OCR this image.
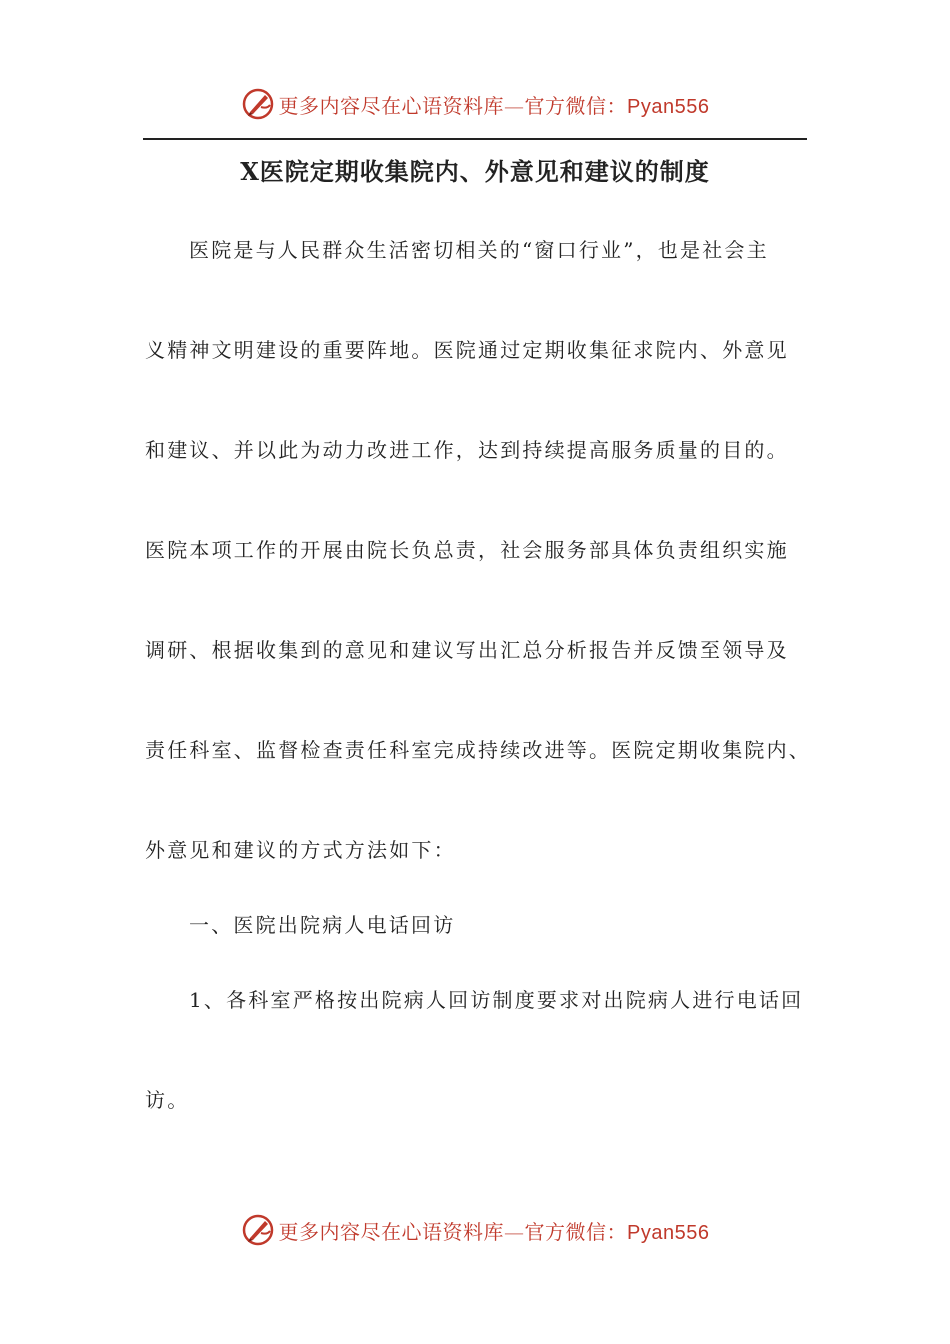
更多内容尽在心语资料库—官方微信：Pyan556
X医院定期收集院内、外意见和建议的制度
医院是与人民群众生活密切相关的“窗口行业”，也是社会主
义精神文明建设的重要阵地。医院通过定期收集征求院内、外意见
和建议、并以此为动力改进工作，达到持续提高服务质量的目的。
医院本项工作的开展由院长负总责，社会服务部具体负责组织实施
调研、根据收集到的意见和建议写出汇总分析报告并反馈至领导及
责任科室、监督检查责任科室完成持续改进等。医院定期收集院内、
外意见和建议的方式方法如下：
一、医院出院病人电话回访
1、各科室严格按出院病人回访制度要求对出院病人进行电话回
访。
更多内容尽在心语资料库—官方微信：Pyan556
